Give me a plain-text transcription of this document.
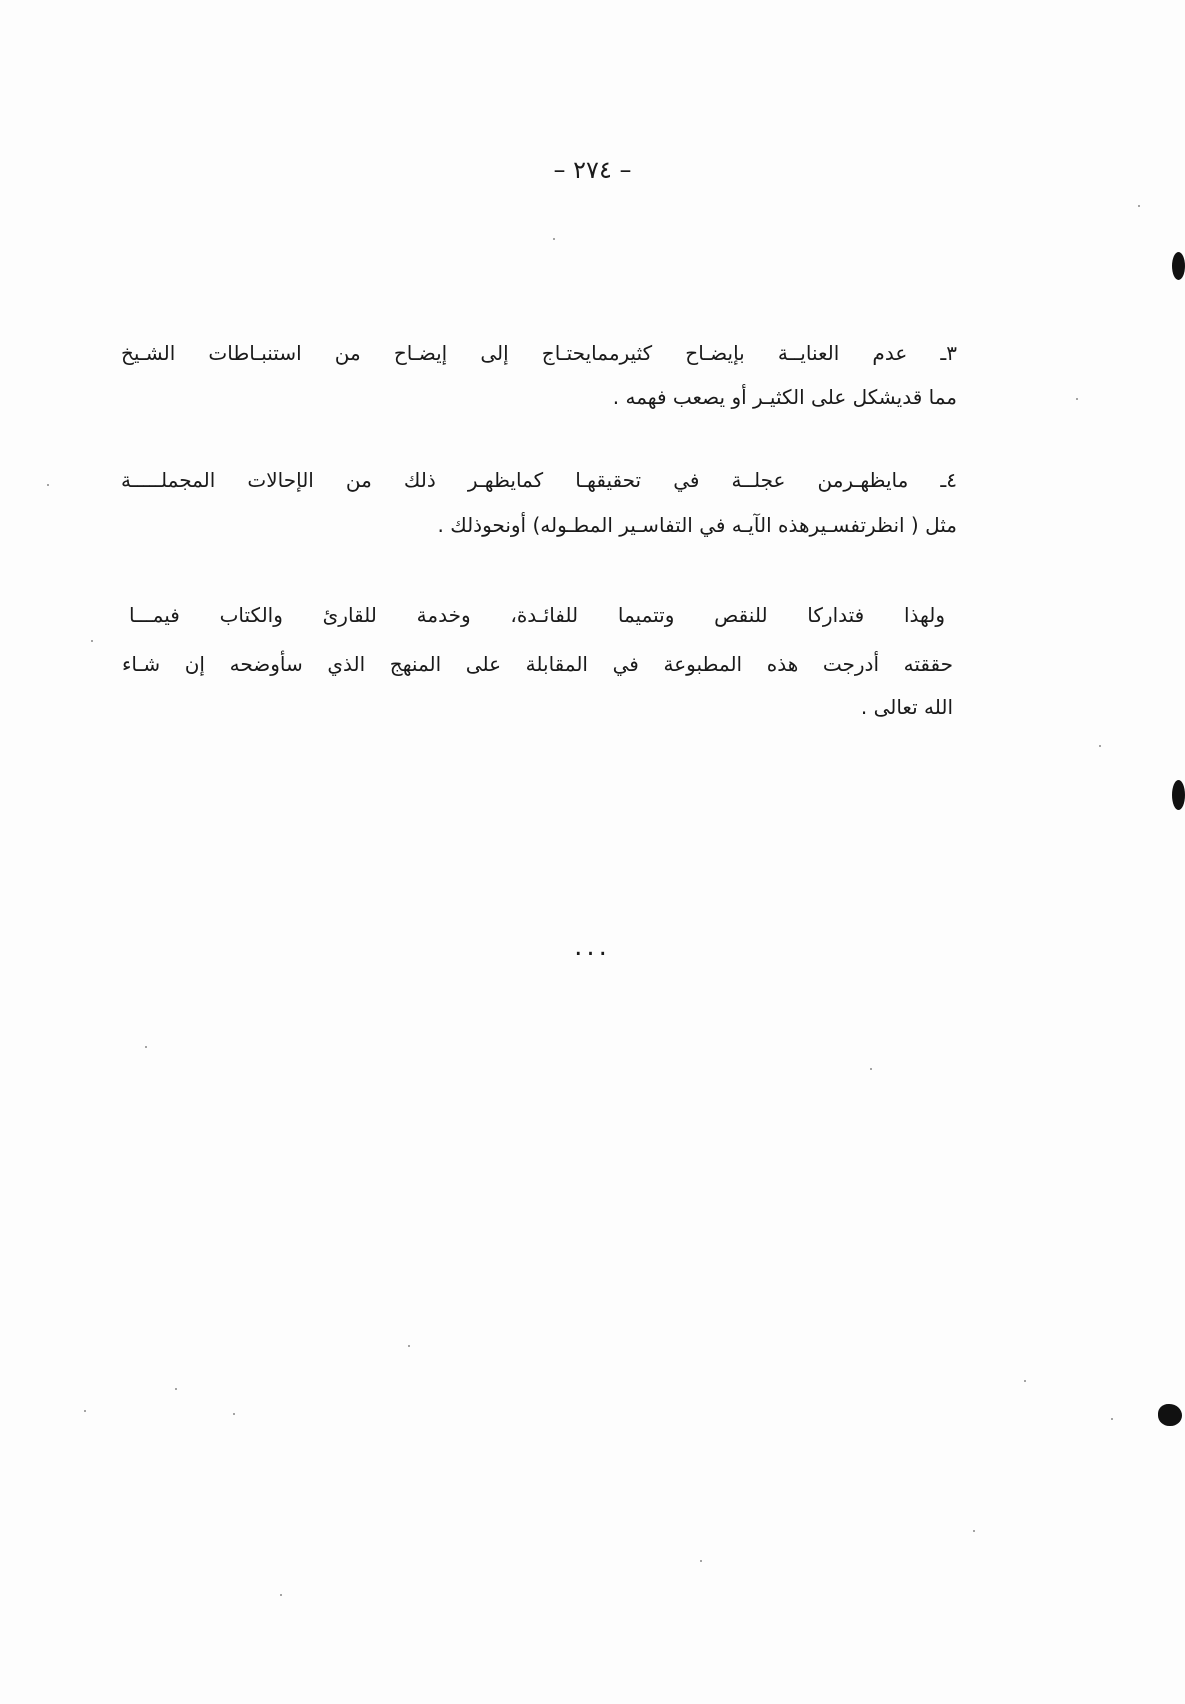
– ٢٧٤ –
٣ـ عدم العنايــة بإيضـاح كثيرممايحتـاج إلى إيضـاح من استنبـاطات الشـيخ
مما قديشكل على الكثيـر أو يصعب فهمه .
٤ـ مايظهـرمن عجلــة في تحقيقهـا كمايظهـر ذلك من الإحالات المجملـــــة
مثل ( انظرتفسـيرهذه الآيـه في التفاسـير المطـوله) أونحوذلك .
ولهذا فتداركا للنقص وتتميما للفائـدة، وخدمة للقارئ والكتاب فيمـــا
حققته أدرجت هذه المطبوعة في المقابلة على المنهج الذي سأوضحه إن شـاء
الله تعالى .
...
